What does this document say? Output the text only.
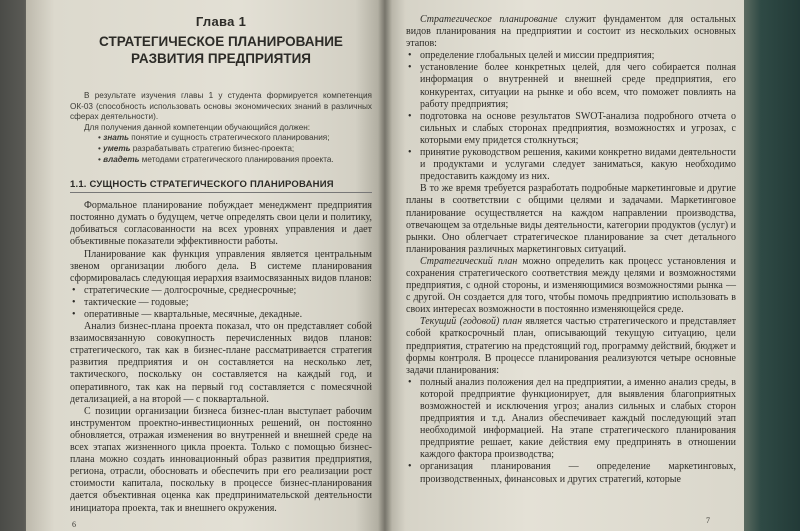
Глава 1
СТРАТЕГИЧЕСКОЕ ПЛАНИРОВАНИЕ
РАЗВИТИЯ ПРЕДПРИЯТИЯ

В результате изучения главы 1 у студента формируется компетенция ОК-03 (способность использовать основы экономических знаний в различных сферах деятельности).

Для получения данной компетенции обучающийся должен:

• знать понятие и сущность стратегического планирования;
• уметь разрабатывать стратегию бизнес-проекта;
• владеть методами стратегического планирования проекта.
1.1. СУЩНОСТЬ СТРАТЕГИЧЕСКОГО ПЛАНИРОВАНИЯ

Формальное планирование побуждает менеджмент предприятия постоянно думать о будущем, четче определять свои цели и политику, добиваться согласованности на всех уровнях управления и дает объективные показатели эффективности работы.

Планирование как функция управления является центральным звеном организации любого дела. В системе планирования сформировалась следующая иерархия взаимосвязанных видов планов:

• стратегические — долгосрочные, среднесрочные;
• тактические — годовые;
• оперативные — квартальные, месячные, декадные.

Анализ бизнес-плана проекта показал, что он представляет собой взаимосвязанную совокупность перечисленных видов планов: стратегического, так как в бизнес-плане рассматривается стратегия развития предприятия и он составляется на несколько лет, тактического, поскольку он составляется на каждый год, и оперативного, так как на первый год составляется с помесячной детализацией, а на второй — с поквартальной.

С позиции организации бизнеса бизнес-план выступает рабочим инструментом проектно-инвестиционных решений, он постоянно обновляется, отражая изменения во внутренней и внешней среде на всех этапах жизненного цикла проекта. Только с помощью бизнес-плана можно создать инновационный образ развития предприятия, региона, отрасли, обосновать и обеспечить при его реализации рост стоимости капитала, поскольку в процессе бизнес-планирования дается объективная оценка как предпринимательской деятельности инициатора проекта, так и внешнего окружения.

6

Стратегическое планирование служит фундаментом для остальных видов планирования на предприятии и состоит из нескольких основных этапов:

• определение глобальных целей и миссии предприятия;
• установление более конкретных целей, для чего собирается полная информация о внутренней и внешней среде предприятия, его конкурентах, ситуации на рынке и обо всем, что поможет повлиять на работу предприятия;
• подготовка на основе результатов SWOT-анализа подробного отчета о сильных и слабых сторонах предприятия, возможностях и угрозах, с которыми ему придется столкнуться;
• принятие руководством решения, какими конкретно видами деятельности и продуктами и услугами следует заниматься, какую необходимо предоставить каждому из них.

В то же время требуется разработать подробные маркетинговые и другие планы в соответствии с общими целями и задачами. Маркетинговое планирование осуществляется на каждом направлении производства, отвечающем за отдельные виды деятельности, категории продуктов (услуг) и рынки. Оно облегчает стратегическое планирование за счет детального планирования различных маркетинговых ситуаций.

Стратегический план можно определить как процесс установления и сохранения стратегического соответствия между целями и возможностями предприятия, с одной стороны, и изменяющимися возможностями рынка — с другой. Он создается для того, чтобы помочь предприятию использовать в своих интересах возможности в постоянно изменяющейся среде.

Текущий (годовой) план является частью стратегического и представляет собой краткосрочный план, описывающий текущую ситуацию, цели предприятия, стратегию на предстоящий год, программу действий, бюджет и формы контроля. В процессе планирования реализуются четыре основные задачи планирования:

• полный анализ положения дел на предприятии, а именно анализ среды, в которой предприятие функционирует, для выявления благоприятных возможностей и исключения угроз; анализ сильных и слабых сторон предприятия и т.д. Анализ обеспечивает каждый последующий этап необходимой информацией. На этапе стратегического планирования предприятие решает, какие действия ему предпринять в отношении каждого фактора производства;
• организация планирования — определение маркетинговых, производственных, финансовых и других стратегий, которые
7
